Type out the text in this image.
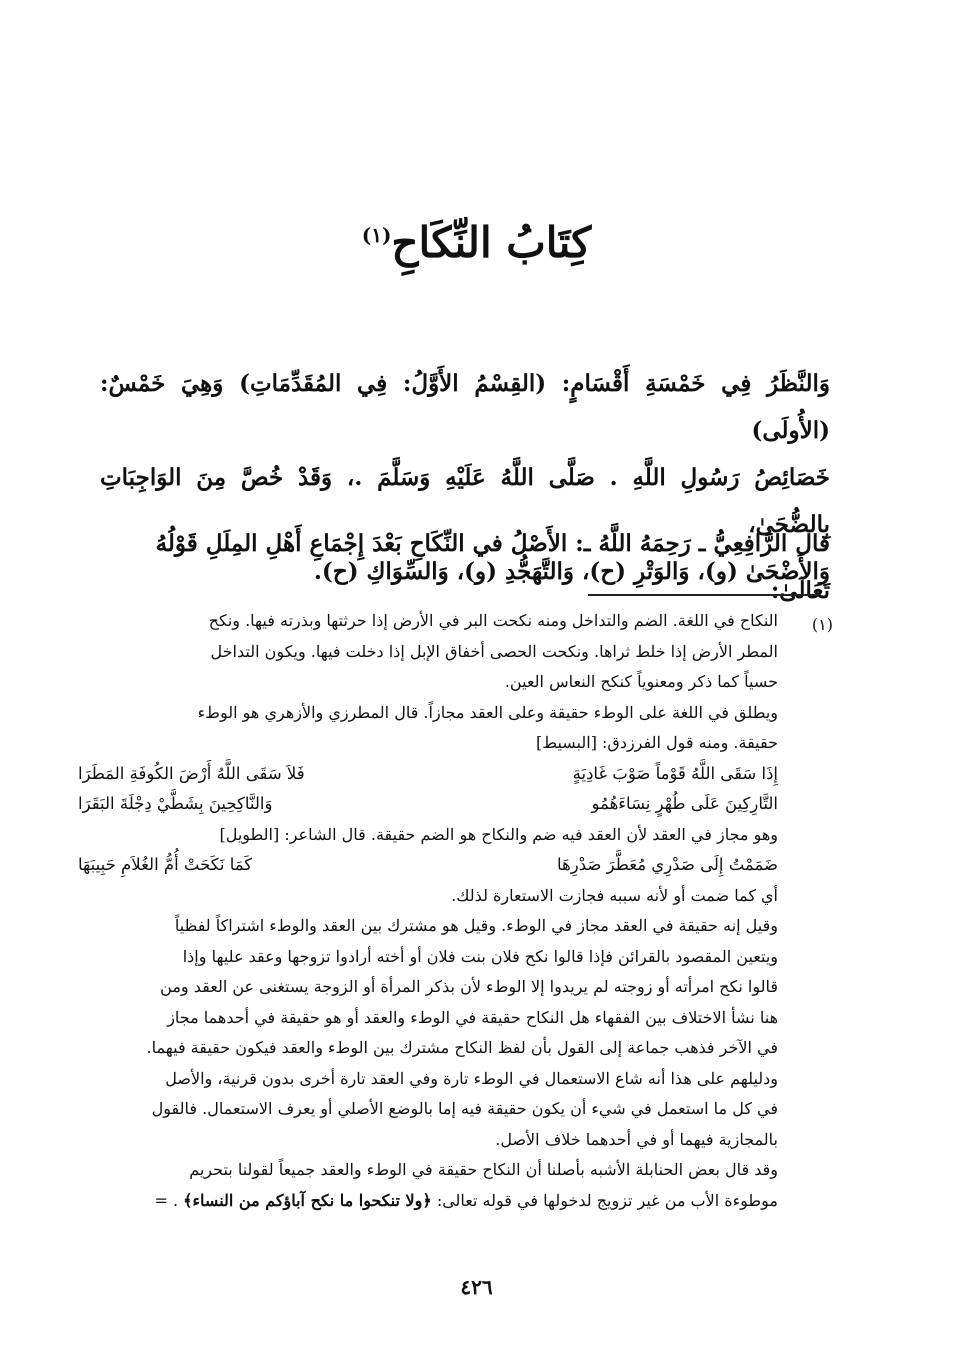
كِتَابُ النِّكَاحِ$^{(١)}$

وَالنَّظَرُ فِي خَمْسَةِ أَقْسَامٍ: (القِسْمُ الأَوَّلُ: فِي المُقَدِّمَاتِ) وَهِيَ خَمْسٌ: (الأُولَى)

خَصَائِصُ رَسُولِ اللَّهِ . صَلَّى اللَّهُ عَلَيْهِ وَسَلَّمَ .، وَقَدْ خُصَّ مِنَ الوَاجِبَاتِ بِالضُّحَىٰ،

وَالأَضْحَىٰ (و)، وَالوَتْرِ (ح)، وَالتَّهَجُّدِ (و)، وَالسِّوَاكِ (ح).

قال الرَّافِعِيُّ ـ رَحِمَهُ اللَّهُ ـ: الأَصْلُ في النِّكَاحِ بَعْدَ إِجْمَاعِ أَهْلِ المِلَلِ قَوْلُهُ تَعَالَىٰ:
(١)
النكاح في اللغة. الضم والتداخل ومنه نكحت البر في الأرض إذا حرثتها وبذرته فيها. ونكح
المطر الأرض إذا خلط ثراها. ونكحت الحصى أخفاق الإبل إذا دخلت فيها. ويكون التداخل
حسياً كما ذكر ومعنوياً كنكح النعاس العين.
ويطلق في اللغة على الوطء حقيقة وعلى العقد مجازاً. قال المطرزي والأزهري هو الوطء
حقيقة. ومنه قول الفرزدق: [البسيط]
إِذَا سَقَى اللَّهُ قَوْماً صَوْبَ غَادِيَةٍ
فَلاَ سَقَى اللَّهُ أَرْضَ الكُوفَةِ المَطَرَا
التَّارِكِينَ عَلَى طُهْرٍ نِسَاءَهُمُو
وَالنَّاكِحِينَ بِشَطَّيْ دِجْلَةَ البَقَرَا
وهو مجاز في العقد لأن العقد فيه ضم والنكاح هو الضم حقيقة. قال الشاعر: [الطويل]
ضَمَمْتُ إِلَى صَدْرِي مُعَطَّرَ صَدْرِهَا
كَمَا نَكَحَتْ أُمُّ الغُلاَمِ حَبِيبَهَا
أي كما ضمت أو لأنه سببه فجازت الاستعارة لذلك.
وقيل إنه حقيقة في العقد مجاز في الوطء. وقيل هو مشترك بين العقد والوطء اشتراكاً لفظياً
ويتعين المقصود بالقرائن فإذا قالوا نكح فلان بنت فلان أو أخته أرادوا تزوجها وعقد عليها وإذا
قالوا نكح امرأته أو زوجته لم يريدوا إلا الوطء لأن بذكر المرأة أو الزوجة يستغنى عن العقد ومن
هنا نشأ الاختلاف بين الفقهاء هل النكاح حقيقة في الوطء والعقد أو هو حقيقة في أحدهما مجاز
في الآخر فذهب جماعة إلى القول بأن لفظ النكاح مشترك بين الوطء والعقد فيكون حقيقة فيهما.
ودليلهم على هذا أنه شاع الاستعمال في الوطء تارة وفي العقد تارة أخرى بدون قرنية، والأصل
في كل ما استعمل في شيء أن يكون حقيقة فيه إما بالوضع الأصلي أو يعرف الاستعمال. فالقول
بالمجازية فيهما أو في أحدهما خلاف الأصل.
وقد قال بعض الحنابلة الأشبه بأصلنا أن النكاح حقيقة في الوطء والعقد جميعاً لقولنا بتحريم
موطوءة الأب من غير تزويج لدخولها في قوله تعالى: ﴿ولا تنكحوا ما نكح آباؤكم من النساء﴾ . =
٤٢٦
